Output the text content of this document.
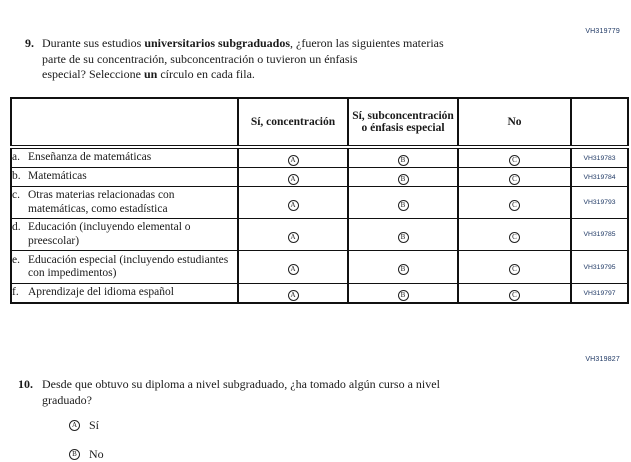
VH319779
9. Durante sus estudios universitarios subgraduados, ¿fueron las siguientes materias
parte de su concentración, subconcentración o tuvieron un énfasis
especial? Seleccione un círculo en cada fila.
	Sí, concentración	Sí, subconcentración o énfasis especial	No	

a. Enseñanza de matemáticas	A	B	C	VH319783

b. Matemáticas	A	B	C	VH319784

c. Otras materias relacionadas con matemáticas, como estadística	A	B	C	VH319793

d. Educación (incluyendo elemental o preescolar)	A	B	C	VH319785

e. Educación especial (incluyendo estudiantes con impedimentos)	A	B	C	VH319795

f. Aprendizaje del idioma español	A	B	C	VH319797
VH319827
10. Desde que obtuvo su diploma a nivel subgraduado, ¿ha tomado algún curso a nivel
graduado?
A Sí
B No
